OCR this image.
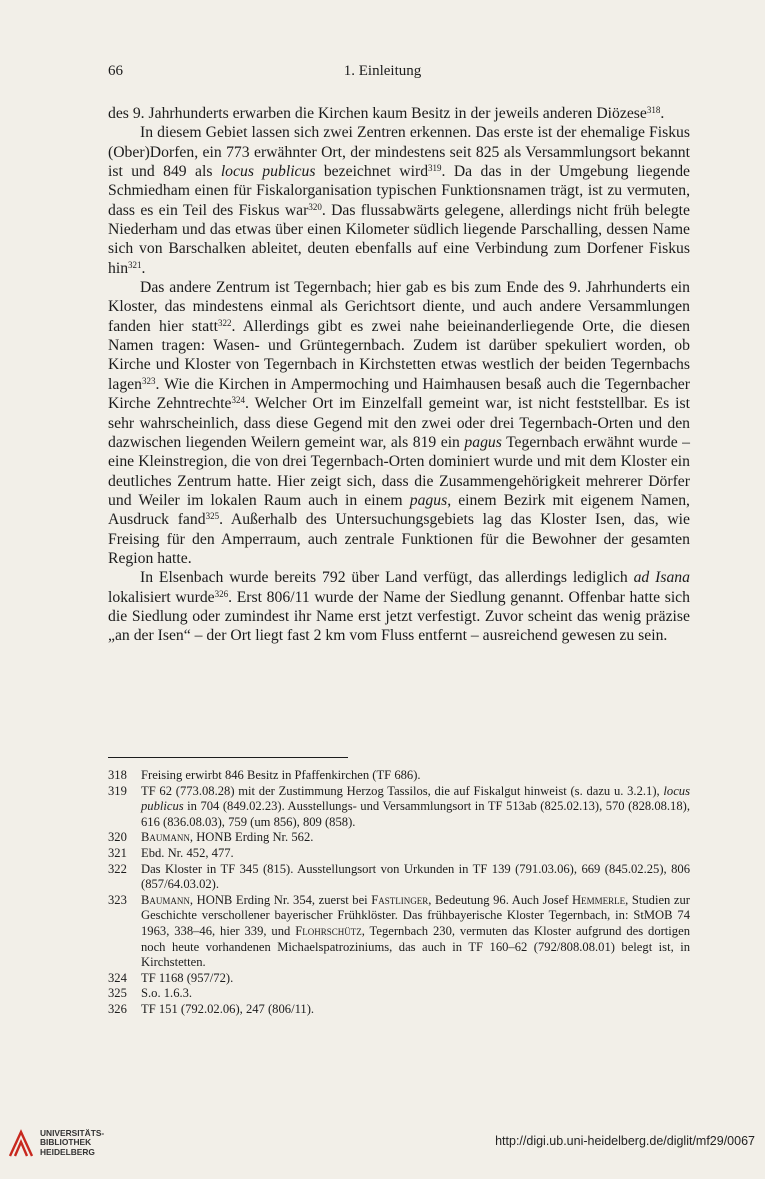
66	1. Einleitung

des 9. Jahrhunderts erwarben die Kirchen kaum Besitz in der jeweils anderen Diözese$^{318}$.

In diesem Gebiet lassen sich zwei Zentren erkennen. Das erste ist der ehemalige Fiskus (Ober)Dorfen, ein 773 erwähnter Ort, der mindestens seit 825 als Versammlungsort bekannt ist und 849 als locus publicus bezeichnet wird$^{319}$. Da das in der Umgebung liegende Schmiedham einen für Fiskalorganisation typischen Funktionsnamen trägt, ist zu vermuten, dass es ein Teil des Fiskus war$^{320}$. Das flussabwärts gelegene, allerdings nicht früh belegte Niederham und das etwas über einen Kilometer südlich liegende Parschalling, dessen Name sich von Barschalken ableitet, deuten ebenfalls auf eine Verbindung zum Dorfener Fiskus hin$^{321}$.

Das andere Zentrum ist Tegernbach; hier gab es bis zum Ende des 9. Jahrhunderts ein Kloster, das mindestens einmal als Gerichtsort diente, und auch andere Versammlungen fanden hier statt$^{322}$. Allerdings gibt es zwei nahe beieinanderliegende Orte, die diesen Namen tragen: Wasen- und Grüntegernbach. Zudem ist darüber spekuliert worden, ob Kirche und Kloster von Tegernbach in Kirchstetten etwas westlich der beiden Tegernbachs lagen$^{323}$. Wie die Kirchen in Ampermoching und Haimhausen besaß auch die Tegernbacher Kirche Zehntrechte$^{324}$. Welcher Ort im Einzelfall gemeint war, ist nicht feststellbar. Es ist sehr wahrscheinlich, dass diese Gegend mit den zwei oder drei Tegernbach-Orten und den dazwischen liegenden Weilern gemeint war, als 819 ein pagus Tegernbach erwähnt wurde – eine Kleinstregion, die von drei Tegernbach-Orten dominiert wurde und mit dem Kloster ein deutliches Zentrum hatte. Hier zeigt sich, dass die Zusammengehörigkeit mehrerer Dörfer und Weiler im lokalen Raum auch in einem pagus, einem Bezirk mit eigenem Namen, Ausdruck fand$^{325}$. Außerhalb des Untersuchungsgebiets lag das Kloster Isen, das, wie Freising für den Amperraum, auch zentrale Funktionen für die Bewohner der gesamten Region hatte.

In Elsenbach wurde bereits 792 über Land verfügt, das allerdings lediglich ad Isana lokalisiert wurde$^{326}$. Erst 806/11 wurde der Name der Siedlung genannt. Offenbar hatte sich die Siedlung oder zumindest ihr Name erst jetzt verfestigt. Zuvor scheint das wenig präzise „an der Isen“ – der Ort liegt fast 2 km vom Fluss entfernt – ausreichend gewesen zu sein.

318	Freising erwirbt 846 Besitz in Pfaffenkirchen (TF 686).
319	TF 62 (773.08.28) mit der Zustimmung Herzog Tassilos, die auf Fiskalgut hinweist (s. dazu u. 3.2.1), locus publicus in 704 (849.02.23). Ausstellungs- und Versammlungsort in TF 513ab (825.02.13), 570 (828.08.18), 616 (836.08.03), 759 (um 856), 809 (858).
320	Baumann, HONB Erding Nr. 562.
321	Ebd. Nr. 452, 477.
322	Das Kloster in TF 345 (815). Ausstellungsort von Urkunden in TF 139 (791.03.06), 669 (845.02.25), 806 (857/64.03.02).
323	Baumann, HONB Erding Nr. 354, zuerst bei Fastlinger, Bedeutung 96. Auch Josef Hemmerle, Studien zur Geschichte verschollener bayerischer Frühklöster. Das frühbayerische Kloster Tegernbach, in: StMOB 74 1963, 338–46, hier 339, und Flohrschütz, Tegernbach 230, vermuten das Kloster aufgrund des dortigen noch heute vorhandenen Michaelspatroziniums, das auch in TF 160–62 (792/808.08.01) belegt ist, in Kirchstetten.
324	TF 1168 (957/72).
325	S.o. 1.6.3.
326	TF 151 (792.02.06), 247 (806/11).
UNIVERSITÄTS-
BIBLIOTHEK
HEIDELBERG
http://digi.ub.uni-heidelberg.de/diglit/mf29/0067
